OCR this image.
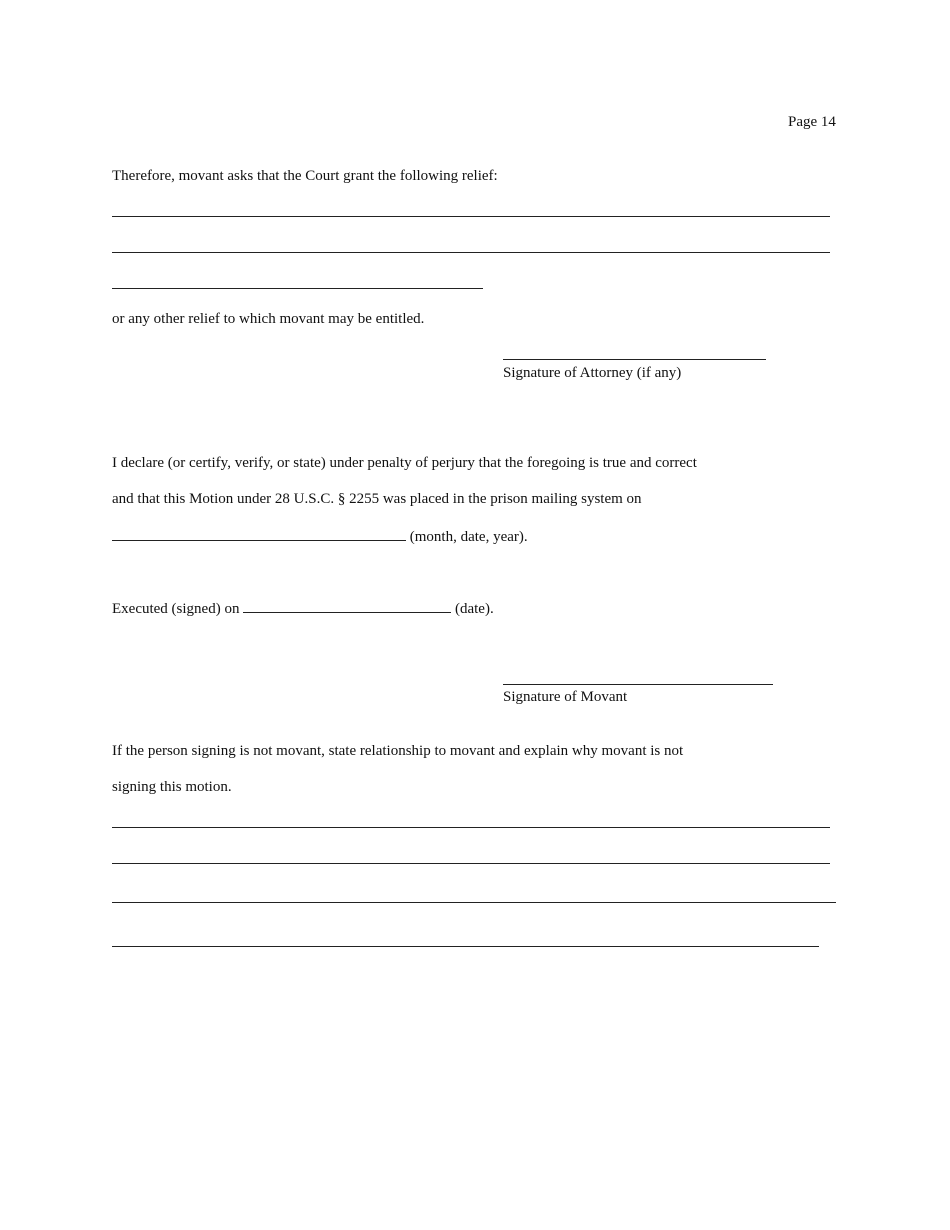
Page 14
Therefore, movant asks that the Court grant the following relief:
or any other relief to which movant may be entitled.
Signature of Attorney (if any)
I declare (or certify, verify, or state) under penalty of perjury that the foregoing is true and correct
and that this Motion under 28 U.S.C. § 2255 was placed in the prison mailing system on
(month, date, year).
Executed (signed) on	(date).
Signature of Movant
If the person signing is not movant, state relationship to movant and explain why movant is not
signing this motion.
